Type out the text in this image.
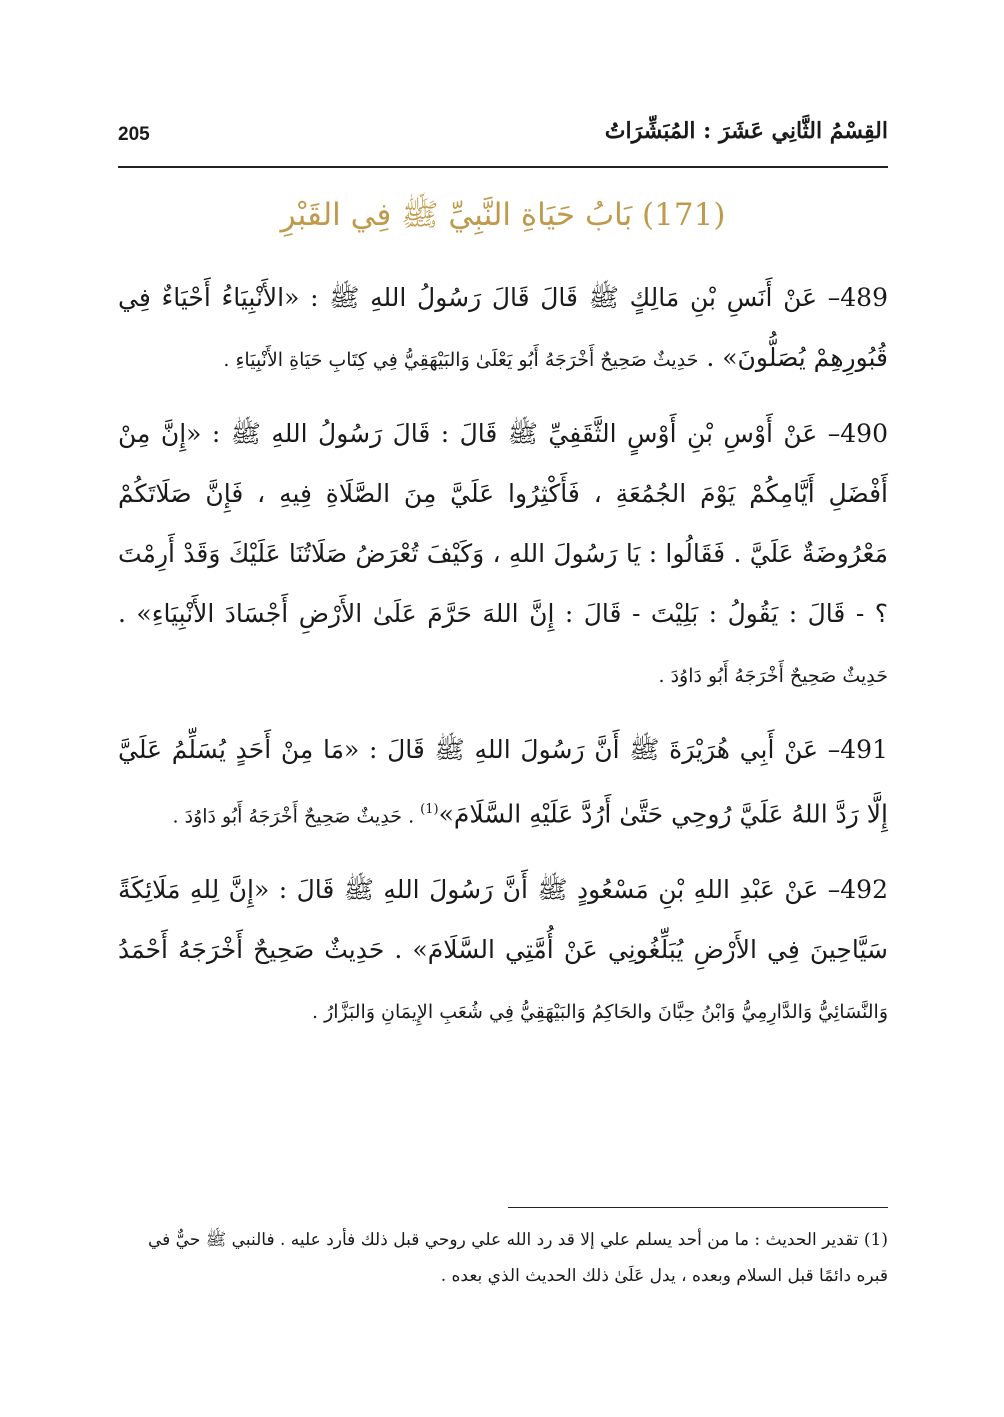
القِسْمُ الثَّانِي عَشَرَ : المُبَشِّرَاتُ
205
(171) بَابُ حَيَاةِ النَّبِيِّ ﷺ فِي القَبْرِ

489– عَنْ أَنَسِ بْنِ مَالِكٍ ﷺ قَالَ قَالَ رَسُولُ اللهِ ﷺ : «الأَنْبِيَاءُ أَحْيَاءٌ فِي قُبُورِهِمْ يُصَلُّونَ» . حَدِيثٌ صَحِيحٌ أَخْرَجَهُ أَبُو يَعْلَىٰ وَالبَيْهَقِيُّ فِي كِتَابِ حَيَاةِ الأَنْبِيَاءِ .

490– عَنْ أَوْسِ بْنِ أَوْسٍ الثَّقَفِيِّ ﷺ قَالَ : قَالَ رَسُولُ اللهِ ﷺ : «إِنَّ مِنْ أَفْضَلِ أَيَّامِكُمْ يَوْمَ الجُمُعَةِ ، فَأَكْثِرُوا عَلَيَّ مِنَ الصَّلَاةِ فِيهِ ، فَإِنَّ صَلَاتَكُمْ مَعْرُوضَةٌ عَلَيَّ . فَقَالُوا : يَا رَسُولَ اللهِ ، وَكَيْفَ تُعْرَضُ صَلَاتُنَا عَلَيْكَ وَقَدْ أَرِمْتَ ؟ - قَالَ : يَقُولُ : بَلِيْتَ - قَالَ : إِنَّ اللهَ حَرَّمَ عَلَىٰ الأَرْضِ أَجْسَادَ الأَنْبِيَاءِ» . حَدِيثٌ صَحِيحٌ أَخْرَجَهُ أَبُو دَاوُدَ .

491– عَنْ أَبِي هُرَيْرَةَ ﷺ أَنَّ رَسُولَ اللهِ ﷺ قَالَ : «مَا مِنْ أَحَدٍ يُسَلِّمُ عَلَيَّ إِلَّا رَدَّ اللهُ عَلَيَّ رُوحِي حَتَّىٰ أَرُدَّ عَلَيْهِ السَّلَامَ»$^{(1)}$ . حَدِيثٌ صَحِيحٌ أَخْرَجَهُ أَبُو دَاوُدَ .

492– عَنْ عَبْدِ اللهِ بْنِ مَسْعُودٍ ﷺ أَنَّ رَسُولَ اللهِ ﷺ قَالَ : «إِنَّ لِلهِ مَلَائِكَةً سَيَّاحِينَ فِي الأَرْضِ يُبَلِّغُونِي عَنْ أُمَّتِي السَّلَامَ» . حَدِيثٌ صَحِيحٌ أَخْرَجَهُ أَحْمَدُ وَالنَّسَائِيُّ وَالدَّارِمِيُّ وَابْنُ حِبَّانَ والحَاكِمُ وَالبَيْهَقِيُّ فِي شُعَبِ الإِيمَانِ وَالبَزَّارُ .

(1) تقدير الحديث : ما من أحد يسلم علي إلا قد رد الله علي روحي قبل ذلك فأرد عليه . فالنبي ﷺ حيٌّ في قبره دائمًا قبل السلام وبعده ، يدل عَلَىٰ ذلك الحديث الذي بعده .
